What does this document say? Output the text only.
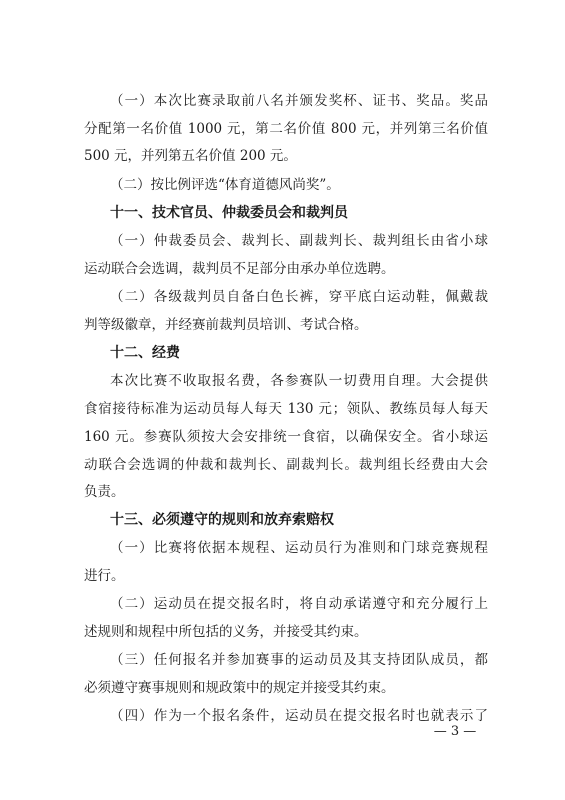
（一）本次比赛录取前八名并颁发奖杯、证书、奖品。奖品
分配第一名价值 1000 元，第二名价值 800 元，并列第三名价值
500 元，并列第五名价值 200 元。
（二）按比例评选“体育道德风尚奖”。
十一、技术官员、仲裁委员会和裁判员
（一）仲裁委员会、裁判长、副裁判长、裁判组长由省小球
运动联合会选调，裁判员不足部分由承办单位选聘。
（二）各级裁判员自备白色长裤，穿平底白运动鞋，佩戴裁
判等级徽章，并经赛前裁判员培训、考试合格。
十二、经费
本次比赛不收取报名费，各参赛队一切费用自理。大会提供
食宿接待标准为运动员每人每天 130 元；领队、教练员每人每天
160 元。参赛队须按大会安排统一食宿，以确保安全。省小球运
动联合会选调的仲裁和裁判长、副裁判长。裁判组长经费由大会
负责。
十三、必须遵守的规则和放弃索赔权
（一）比赛将依据本规程、运动员行为准则和门球竞赛规程
进行。
（二）运动员在提交报名时，将自动承诺遵守和充分履行上
述规则和规程中所包括的义务，并接受其约束。
（三）任何报名并参加赛事的运动员及其支持团队成员，都
必须遵守赛事规则和规政策中的规定并接受其约束。
（四）作为一个报名条件，运动员在提交报名时也就表示了
— 3 —
